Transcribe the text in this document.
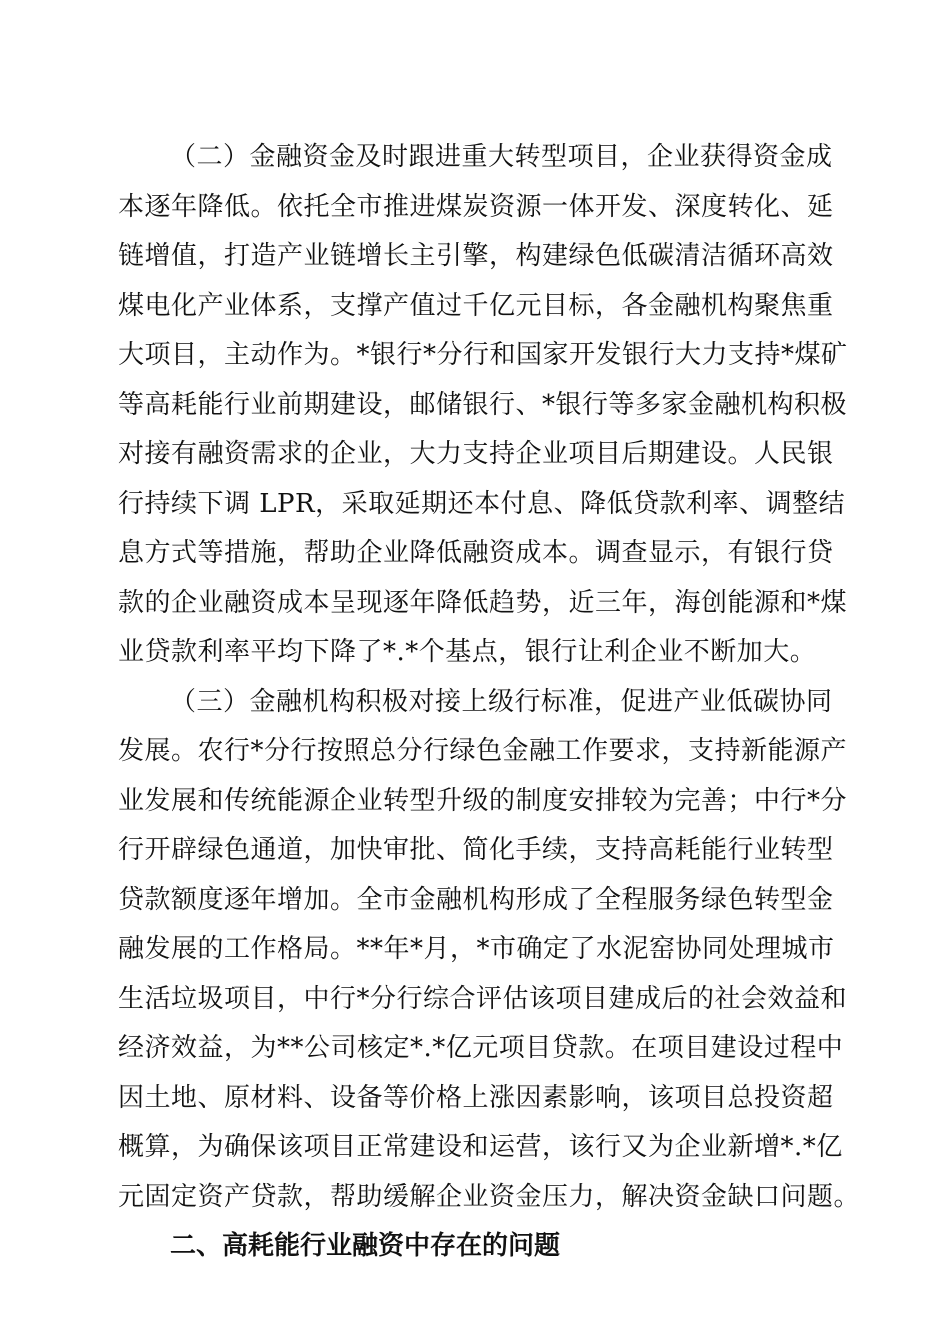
（二）金融资金及时跟进重大转型项目，企业获得资金成
本逐年降低。依托全市推进煤炭资源一体开发、深度转化、延
链增值，打造产业链增长主引擎，构建绿色低碳清洁循环高效
煤电化产业体系，支撑产值过千亿元目标，各金融机构聚焦重
大项目，主动作为。*银行*分行和国家开发银行大力支持*煤矿
等高耗能行业前期建设，邮储银行、*银行等多家金融机构积极
对接有融资需求的企业，大力支持企业项目后期建设。人民银
行持续下调 LPR，采取延期还本付息、降低贷款利率、调整结
息方式等措施，帮助企业降低融资成本。调查显示，有银行贷
款的企业融资成本呈现逐年降低趋势，近三年，海创能源和*煤
业贷款利率平均下降了*.*个基点，银行让利企业不断加大。
（三）金融机构积极对接上级行标准，促进产业低碳协同
发展。农行*分行按照总分行绿色金融工作要求，支持新能源产
业发展和传统能源企业转型升级的制度安排较为完善；中行*分
行开辟绿色通道，加快审批、简化手续，支持高耗能行业转型
贷款额度逐年增加。全市金融机构形成了全程服务绿色转型金
融发展的工作格局。**年*月，*市确定了水泥窑协同处理城市
生活垃圾项目，中行*分行综合评估该项目建成后的社会效益和
经济效益，为**公司核定*.*亿元项目贷款。在项目建设过程中
因土地、原材料、设备等价格上涨因素影响，该项目总投资超
概算，为确保该项目正常建设和运营，该行又为企业新增*.*亿
元固定资产贷款，帮助缓解企业资金压力，解决资金缺口问题。
二、高耗能行业融资中存在的问题
